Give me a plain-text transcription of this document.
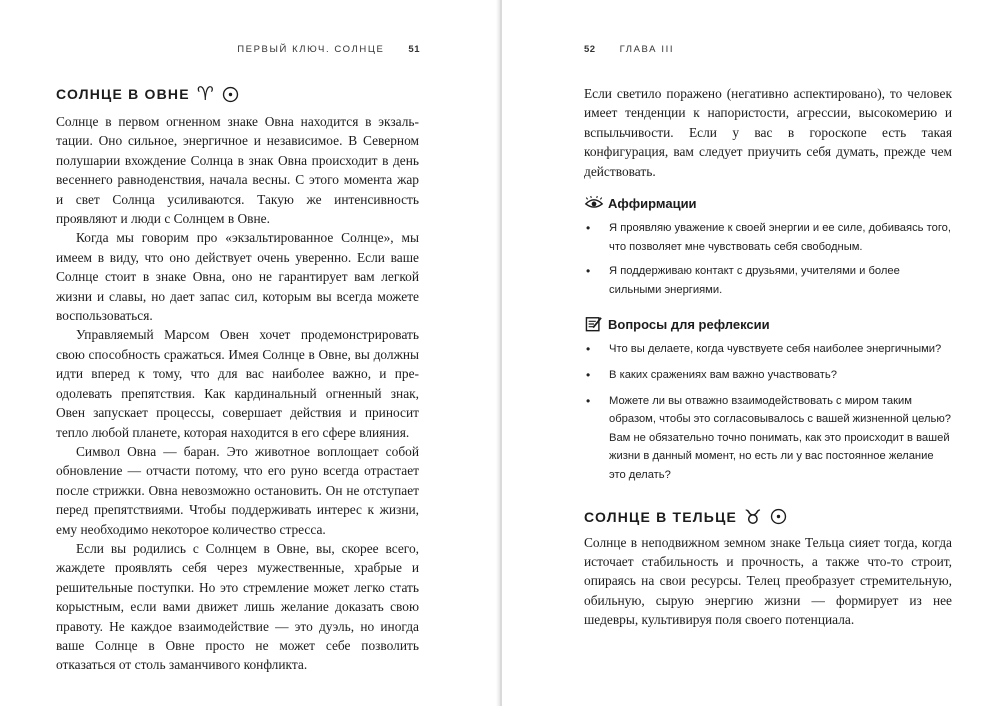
ПЕРВЫЙ КЛЮЧ. СОЛНЦЕ	51
СОЛНЦЕ В ОВНЕ ♈

Солнце в первом огненном знаке Овна находится в экзальтации. Оно сильное, энергичное и независимое. В Северном полушарии вхождение Солнца в знак Овна происходит в день весеннего равноденствия, начала весны. С этого момента жар и свет Солнца усиливаются. Такую же интенсивность проявляют и люди с Солнцем в Овне.

Когда мы говорим про «экзальтированное Солнце», мы имеем в виду, что оно действует очень уверенно. Если ваше Солнце стоит в знаке Овна, оно не гарантирует вам легкой жизни и славы, но дает запас сил, которым вы всегда можете воспользоваться.

Управляемый Марсом Овен хочет продемонстрировать свою способность сражаться. Имея Солнце в Овне, вы должны идти вперед к тому, что для вас наиболее важно, и преодолевать препятствия. Как кардинальный огненный знак, Овен запускает процессы, совершает действия и приносит тепло любой планете, которая находится в его сфере влияния.

Символ Овна — баран. Это животное воплощает собой обновление — отчасти потому, что его руно всегда отрастает после стрижки. Овна невозможно остановить. Он не отступает перед препятствиями. Чтобы поддерживать интерес к жизни, ему необходимо некоторое количество стресса.

Если вы родились с Солнцем в Овне, вы, скорее всего, жаждете проявлять себя через мужественные, храбрые и решительные поступки. Но это стремление может легко стать корыстным, если вами движет лишь желание доказать свою правоту. Не каждое взаимодействие — это дуэль, но иногда ваше Солнце в Овне просто не может себе позволить отказаться от столь заманчивого конфликта.

52	ГЛАВА III

Если светило поражено (негативно аспектировано), то человек имеет тенденции к напористости, агрессии, высокомерию и вспыльчивости. Если у вас в гороскопе есть такая конфигурация, вам следует приучить себя думать, прежде чем действовать.

Аффирмации
• Я проявляю уважение к своей энергии и ее силе, добиваясь того, что позволяет мне чувствовать себя свободным.
• Я поддерживаю контакт с друзьями, учителями и более сильными энергиями.
Вопросы для рефлексии
• Что вы делаете, когда чувствуете себя наиболее энергичными?
• В каких сражениях вам важно участвовать?
• Можете ли вы отважно взаимодействовать с миром таким образом, чтобы это согласовывалось с вашей жизненной целью? Вам не обязательно точно понимать, как это происходит в вашей жизни в данный момент, но есть ли у вас постоянное желание это делать?
СОЛНЦЕ В ТЕЛЬЦЕ ♉

Солнце в неподвижном земном знаке Тельца сияет тогда, когда источает стабильность и прочность, а также что-то строит, опираясь на свои ресурсы. Телец преобразует стремительную, обильную, сырую энергию жизни — формирует из нее шедевры, культивируя поля своего потенциала.
